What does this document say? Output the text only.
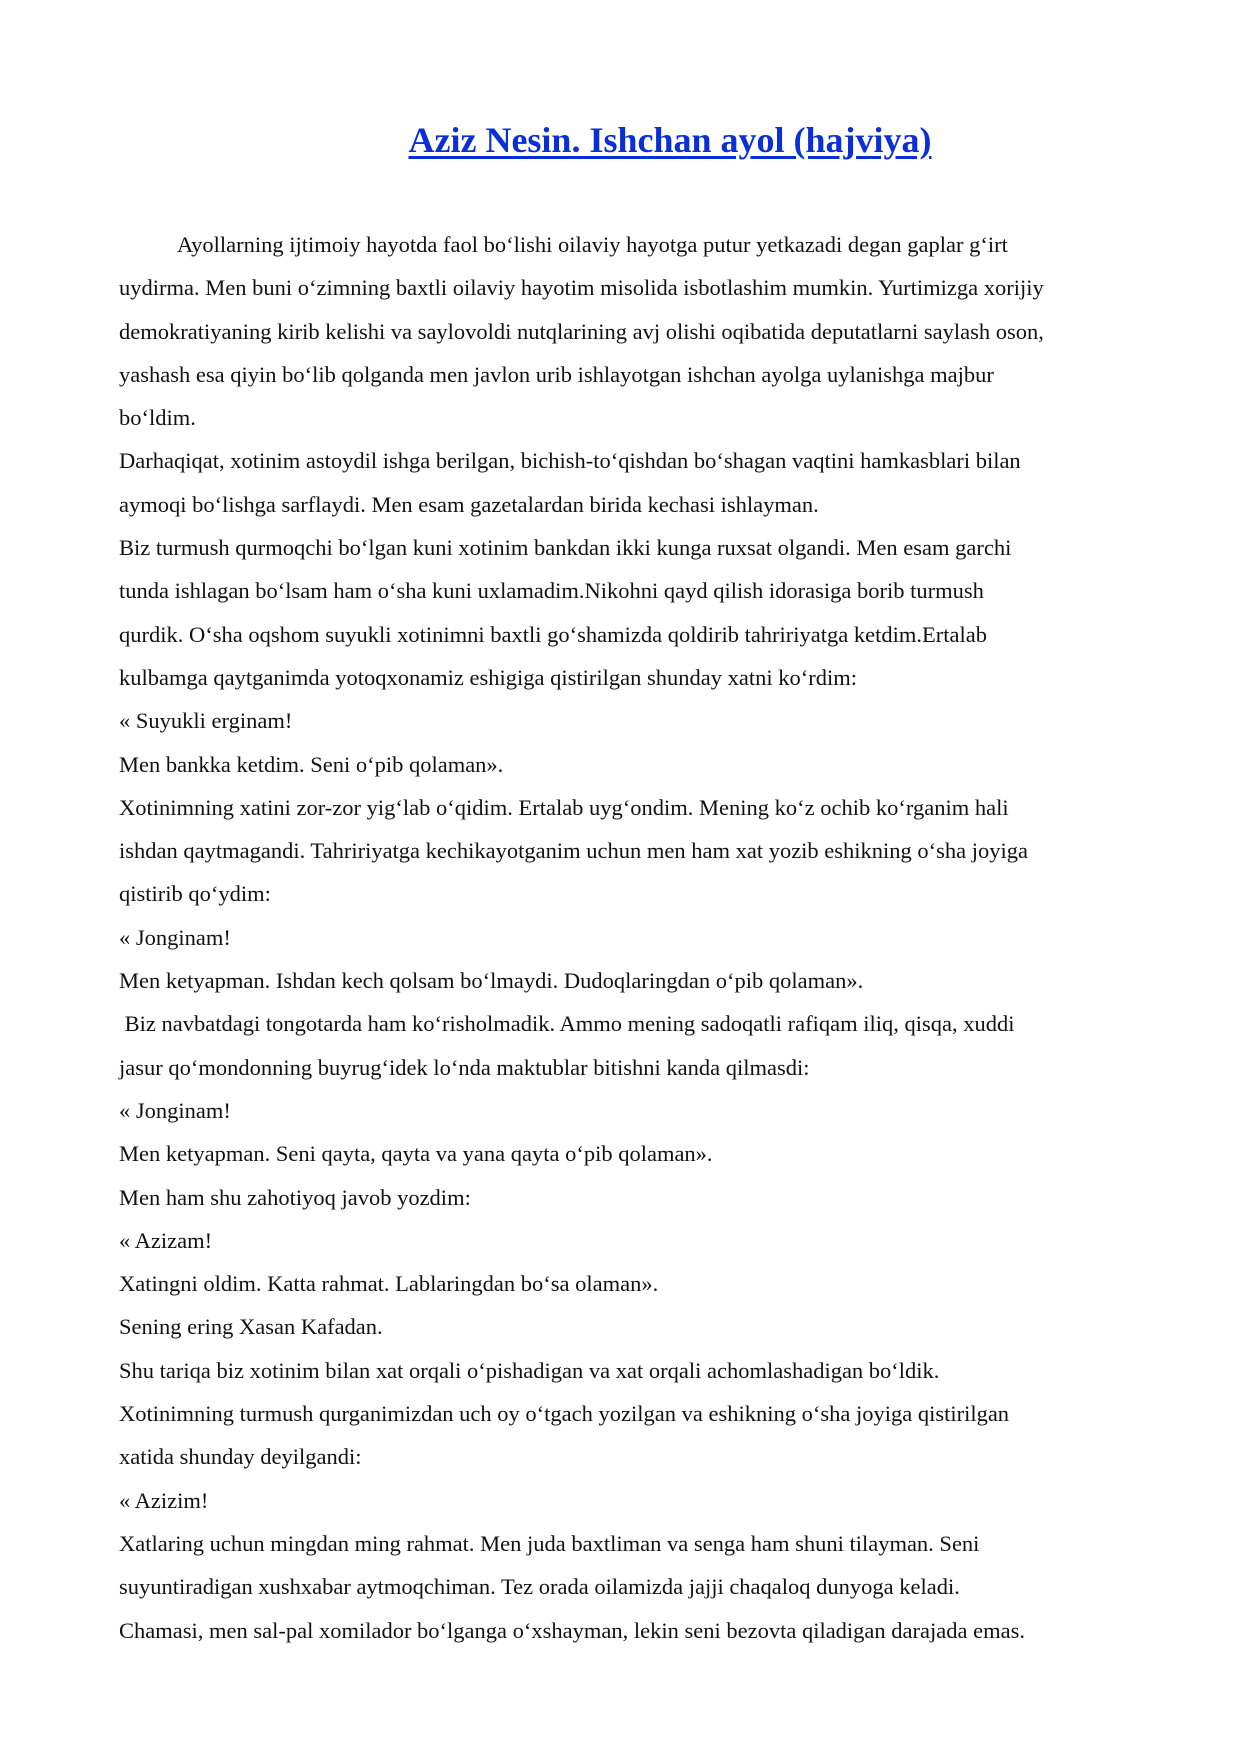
Aziz Nesin. Ishchan ayol (hajviya)
Ayollarning ijtimoiy hayotda faol boʻlishi oilaviy hayotga putur yetkazadi degan gaplar gʻirt
uydirma. Men buni oʻzimning baxtli oilaviy hayotim misolida isbotlashim mumkin. Yurtimizga xorijiy
demokratiyaning kirib kelishi va saylovoldi nutqlarining avj olishi oqibatida deputatlarni saylash oson,
yashash esa qiyin boʻlib qolganda men javlon urib ishlayotgan ishchan ayolga uylanishga majbur
boʻldim.
Darhaqiqat, xotinim astoydil ishga berilgan, bichish-toʻqishdan boʻshagan vaqtini hamkasblari bilan
aymoqi boʻlishga sarflaydi. Men esam gazetalardan birida kechasi ishlayman.
Biz turmush qurmoqchi boʻlgan kuni xotinim bankdan ikki kunga ruxsat olgandi. Men esam garchi
tunda ishlagan boʻlsam ham oʻsha kuni uxlamadim.Nikohni qayd qilish idorasiga borib turmush
qurdik. Oʻsha oqshom suyukli xotinimni baxtli goʻshamizda qoldirib tahririyatga ketdim.Ertalab
kulbamga qaytganimda yotoqxonamiz eshigiga qistirilgan shunday xatni koʻrdim:
« Suyukli erginam!
Men bankka ketdim. Seni oʻpib qolaman».
Xotinimning xatini zor-zor yigʻlab oʻqidim. Ertalab uygʻondim. Mening koʻz ochib koʻrganim hali
ishdan qaytmagandi. Tahririyatga kechikayotganim uchun men ham xat yozib eshikning oʻsha joyiga
qistirib qoʻydim:
« Jonginam!
Men ketyapman. Ishdan kech qolsam boʻlmaydi. Dudoqlaringdan oʻpib qolaman».
Biz navbatdagi tongotarda ham koʻrisholmadik. Ammo mening sadoqatli rafiqam iliq, qisqa, xuddi
jasur qoʻmondonning buyrugʻidek loʻnda maktublar bitishni kanda qilmasdi:
« Jonginam!
Men ketyapman. Seni qayta, qayta va yana qayta oʻpib qolaman».
Men ham shu zahotiyoq javob yozdim:
« Azizam!
Xatingni oldim. Katta rahmat. Lablaringdan boʻsa olaman».
Sening ering Xasan Kafadan.
Shu tariqa biz xotinim bilan xat orqali oʻpishadigan va xat orqali achomlashadigan boʻldik.
Xotinimning turmush qurganimizdan uch oy oʻtgach yozilgan va eshikning oʻsha joyiga qistirilgan
xatida shunday deyilgandi:
« Azizim!
Xatlaring uchun mingdan ming rahmat. Men juda baxtliman va senga ham shuni tilayman. Seni
suyuntiradigan xushxabar aytmoqchiman. Tez orada oilamizda jajji chaqaloq dunyoga keladi.
Chamasi, men sal-pal xomilador boʻlganga oʻxshayman, lekin seni bezovta qiladigan darajada emas.
